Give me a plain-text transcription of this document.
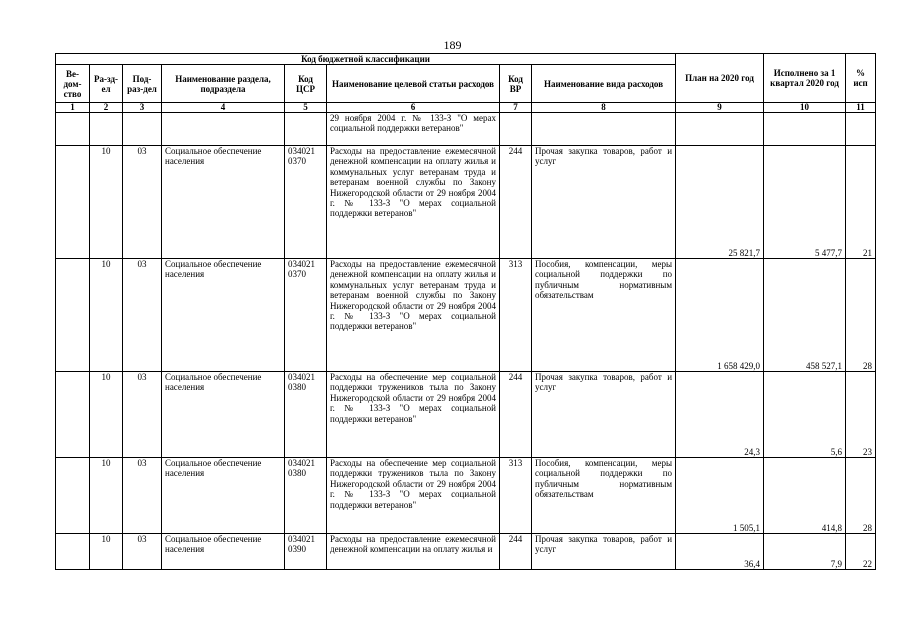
189
Код бюджетной классификации								План на 2020 год	Исполнено за 1 квартал 2020 год	% исп
Ве-дом-ство	Ра-зд-ел	Под-раз-дел	Наименование раздела, подраздела	Код ЦСР	Наименование целевой статьи расходов	Код ВР	Наименование вида расходов			
1	2	3	4	5	6	7	8	9	10	11
					29 ноября 2004 г. № 133-З "О мерах социальной поддержки ветеранов"					
	10	03	Социальное обеспечение населения	034021 0370	Расходы на предоставление ежемесячной денежной компенсации на оплату жилья и коммунальных услуг ветеранам труда и ветеранам военной службы по Закону Нижегородской области от 29 ноября 2004 г. № 133-З "О мерах социальной поддержки ветеранов"	244	Прочая закупка товаров, работ и услуг	25 821,7	5 477,7	21
	10	03	Социальное обеспечение населения	034021 0370	Расходы на предоставление ежемесячной денежной компенсации на оплату жилья и коммунальных услуг ветеранам труда и ветеранам военной службы по Закону Нижегородской области от 29 ноября 2004 г. № 133-З "О мерах социальной поддержки ветеранов"	313	Пособия, компенсации, меры социальной поддержки по публичным нормативным обязательствам	1 658 429,0	458 527,1	28
	10	03	Социальное обеспечение населения	034021 0380	Расходы на обеспечение мер социальной поддержки тружеников тыла по Закону Нижегородской области от 29 ноября 2004 г. № 133-З "О мерах социальной поддержки ветеранов"	244	Прочая закупка товаров, работ и услуг	24,3	5,6	23
	10	03	Социальное обеспечение населения	034021 0380	Расходы на обеспечение мер социальной поддержки тружеников тыла по Закону Нижегородской области от 29 ноября 2004 г. № 133-З "О мерах социальной поддержки ветеранов"	313	Пособия, компенсации, меры социальной поддержки по публичным нормативным обязательствам	1 505,1	414,8	28
	10	03	Социальное обеспечение населения	034021 0390	Расходы на предоставление ежемесячной денежной компенсации на оплату жилья и	244	Прочая закупка товаров, работ и услуг	36,4	7,9	22
